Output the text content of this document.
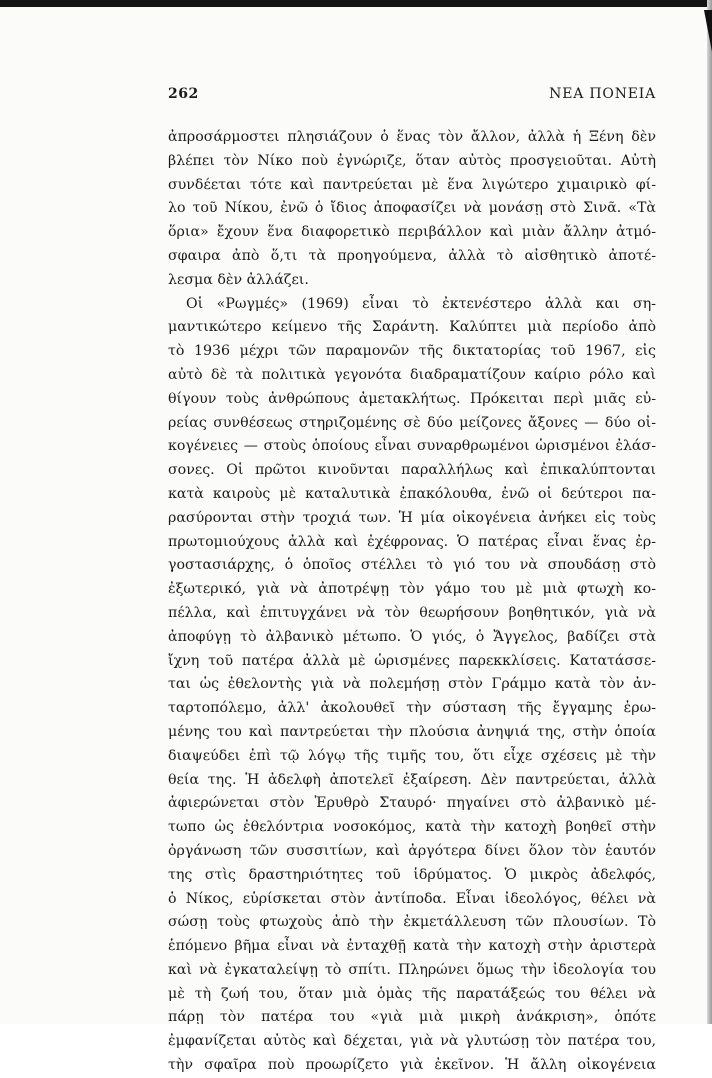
262	ΝΕΑ ΠΟΝΕΙΑ
ἀπροσάρμοστει πλησιάζουν ὁ ἕνας τὸν ἄλλον, ἀλλὰ ἡ Ξένη δὲν
βλέπει τὸν Νίκο ποὺ ἐγνώριζε, ὅταν αὐτὸς προσγειοῦται. Αὐτὴ
συνδέεται τότε καὶ παντρεύεται μὲ ἕνα λιγώτερο χιμαιρικὸ φί-
λο τοῦ Νίκου, ἐνῶ ὁ ἴδιος ἀποφασίζει νὰ μονάσῃ στὸ Σινᾶ. «Τὰ
ὅρια» ἔχουν ἕνα διαφορετικὸ περιβάλλον καὶ μιὰν ἄλλην ἀτμό-
σφαιρα ἀπὸ ὅ,τι τὰ προηγούμενα, ἀλλὰ τὸ αἰσθητικὸ ἀποτέ-
λεσμα δὲν ἀλλάζει.
Οἱ «Ρωγμές» (1969) εἶναι τὸ ἐκτενέστερο ἀλλὰ και ση-
μαντικώτερο κείμενο τῆς Σαράντη. Καλύπτει μιὰ περίοδο ἀπὸ
τὸ 1936 μέχρι τῶν παραμονῶν τῆς δικτατορίας τοῦ 1967, εἰς
αὐτὸ δὲ τὰ πολιτικὰ γεγονότα διαδραματίζουν καίριο ρόλο καὶ
θίγουν τοὺς ἀνθρώπους ἀμετακλήτως. Πρόκειται περὶ μιᾶς εὐ-
ρείας συνθέσεως στηριζομένης σὲ δύο μείζονες ἄξονες — δύο οἰ-
κογένειες — στοὺς ὁποίους εἶναι συναρθρωμένοι ὡρισμένοι ἐλάσ-
σονες. Οἱ πρῶτοι κινοῦνται παραλλήλως καὶ ἐπικαλύπτονται
κατὰ καιροὺς μὲ καταλυτικὰ ἐπακόλουθα, ἐνῶ οἱ δεύτεροι πα-
ρασύρονται στὴν τροχιά των. Ἡ μία οἰκογένεια ἀνήκει εἰς τοὺς
πρωτομιούχους ἀλλὰ καὶ ἐχέφρονας. Ὁ πατέρας εἶναι ἕνας ἐρ-
γοστασιάρχης, ὁ ὁποῖος στέλλει τὸ γιό του νὰ σπουδάσῃ στὸ
ἐξωτερικό, γιὰ νὰ ἀποτρέψῃ τὸν γάμο του μὲ μιὰ φτωχὴ κο-
πέλλα, καὶ ἐπιτυγχάνει νὰ τὸν θεωρήσουν βοηθητικόν, γιὰ νὰ
ἀποφύγῃ τὸ ἀλβανικὸ μέτωπο. Ὁ γιός, ὁ Ἄγγελος, βαδίζει στὰ
ἴχνη τοῦ πατέρα ἀλλὰ μὲ ὡρισμένες παρεκκλίσεις. Κατατάσσε-
ται ὡς ἐθελοντὴς γιὰ νὰ πολεμήσῃ στὸν Γράμμο κατὰ τὸν ἀν-
ταρτοπόλεμο, ἀλλ' ἀκολουθεῖ τὴν σύσταση τῆς ἔγγαμης ἐρω-
μένης του καὶ παντρεύεται τὴν πλούσια ἀνηψιά της, στὴν ὁποία
διαψεύδει ἐπὶ τῷ λόγῳ τῆς τιμῆς του, ὅτι εἶχε σχέσεις μὲ τὴν
θεία της. Ἡ ἀδελφὴ ἀποτελεῖ ἐξαίρεση. Δὲν παντρεύεται, ἀλλὰ
ἀφιερώνεται στὸν Ἐρυθρὸ Σταυρό· πηγαίνει στὸ ἀλβανικὸ μέ-
τωπο ὡς ἐθελόντρια νοσοκόμος, κατὰ τὴν κατοχὴ βοηθεῖ στὴν
ὀργάνωση τῶν συσσιτίων, καὶ ἀργότερα δίνει ὅλον τὸν ἑαυτόν
της στὶς δραστηριότητες τοῦ ἱδρύματος. Ὁ μικρὸς ἀδελφός,
ὁ Νίκος, εὑρίσκεται στὸν ἀντίποδα. Εἶναι ἰδεολόγος, θέλει νὰ
σώσῃ τοὺς φτωχοὺς ἀπὸ τὴν ἐκμετάλλευση τῶν πλουσίων. Τὸ
ἑπόμενο βῆμα εἶναι νὰ ἐνταχθῇ κατὰ τὴν κατοχὴ στὴν ἀριστερὰ
καὶ νὰ ἐγκαταλείψῃ τὸ σπίτι. Πληρώνει ὅμως τὴν ἰδεολογία του
μὲ τὴ ζωή του, ὅταν μιὰ ὁμὰς τῆς παρατάξεώς του θέλει νὰ
πάρῃ τὸν πατέρα του «γιὰ μιὰ μικρὴ ἀνάκριση», ὁπότε
ἐμφανίζεται αὐτὸς καὶ δέχεται, γιὰ νὰ γλυτώσῃ τὸν πατέρα του,
τὴν σφαῖρα ποὺ προωρίζετο γιὰ ἐκεῖνον. Ἡ ἄλλη οἰκογένεια
